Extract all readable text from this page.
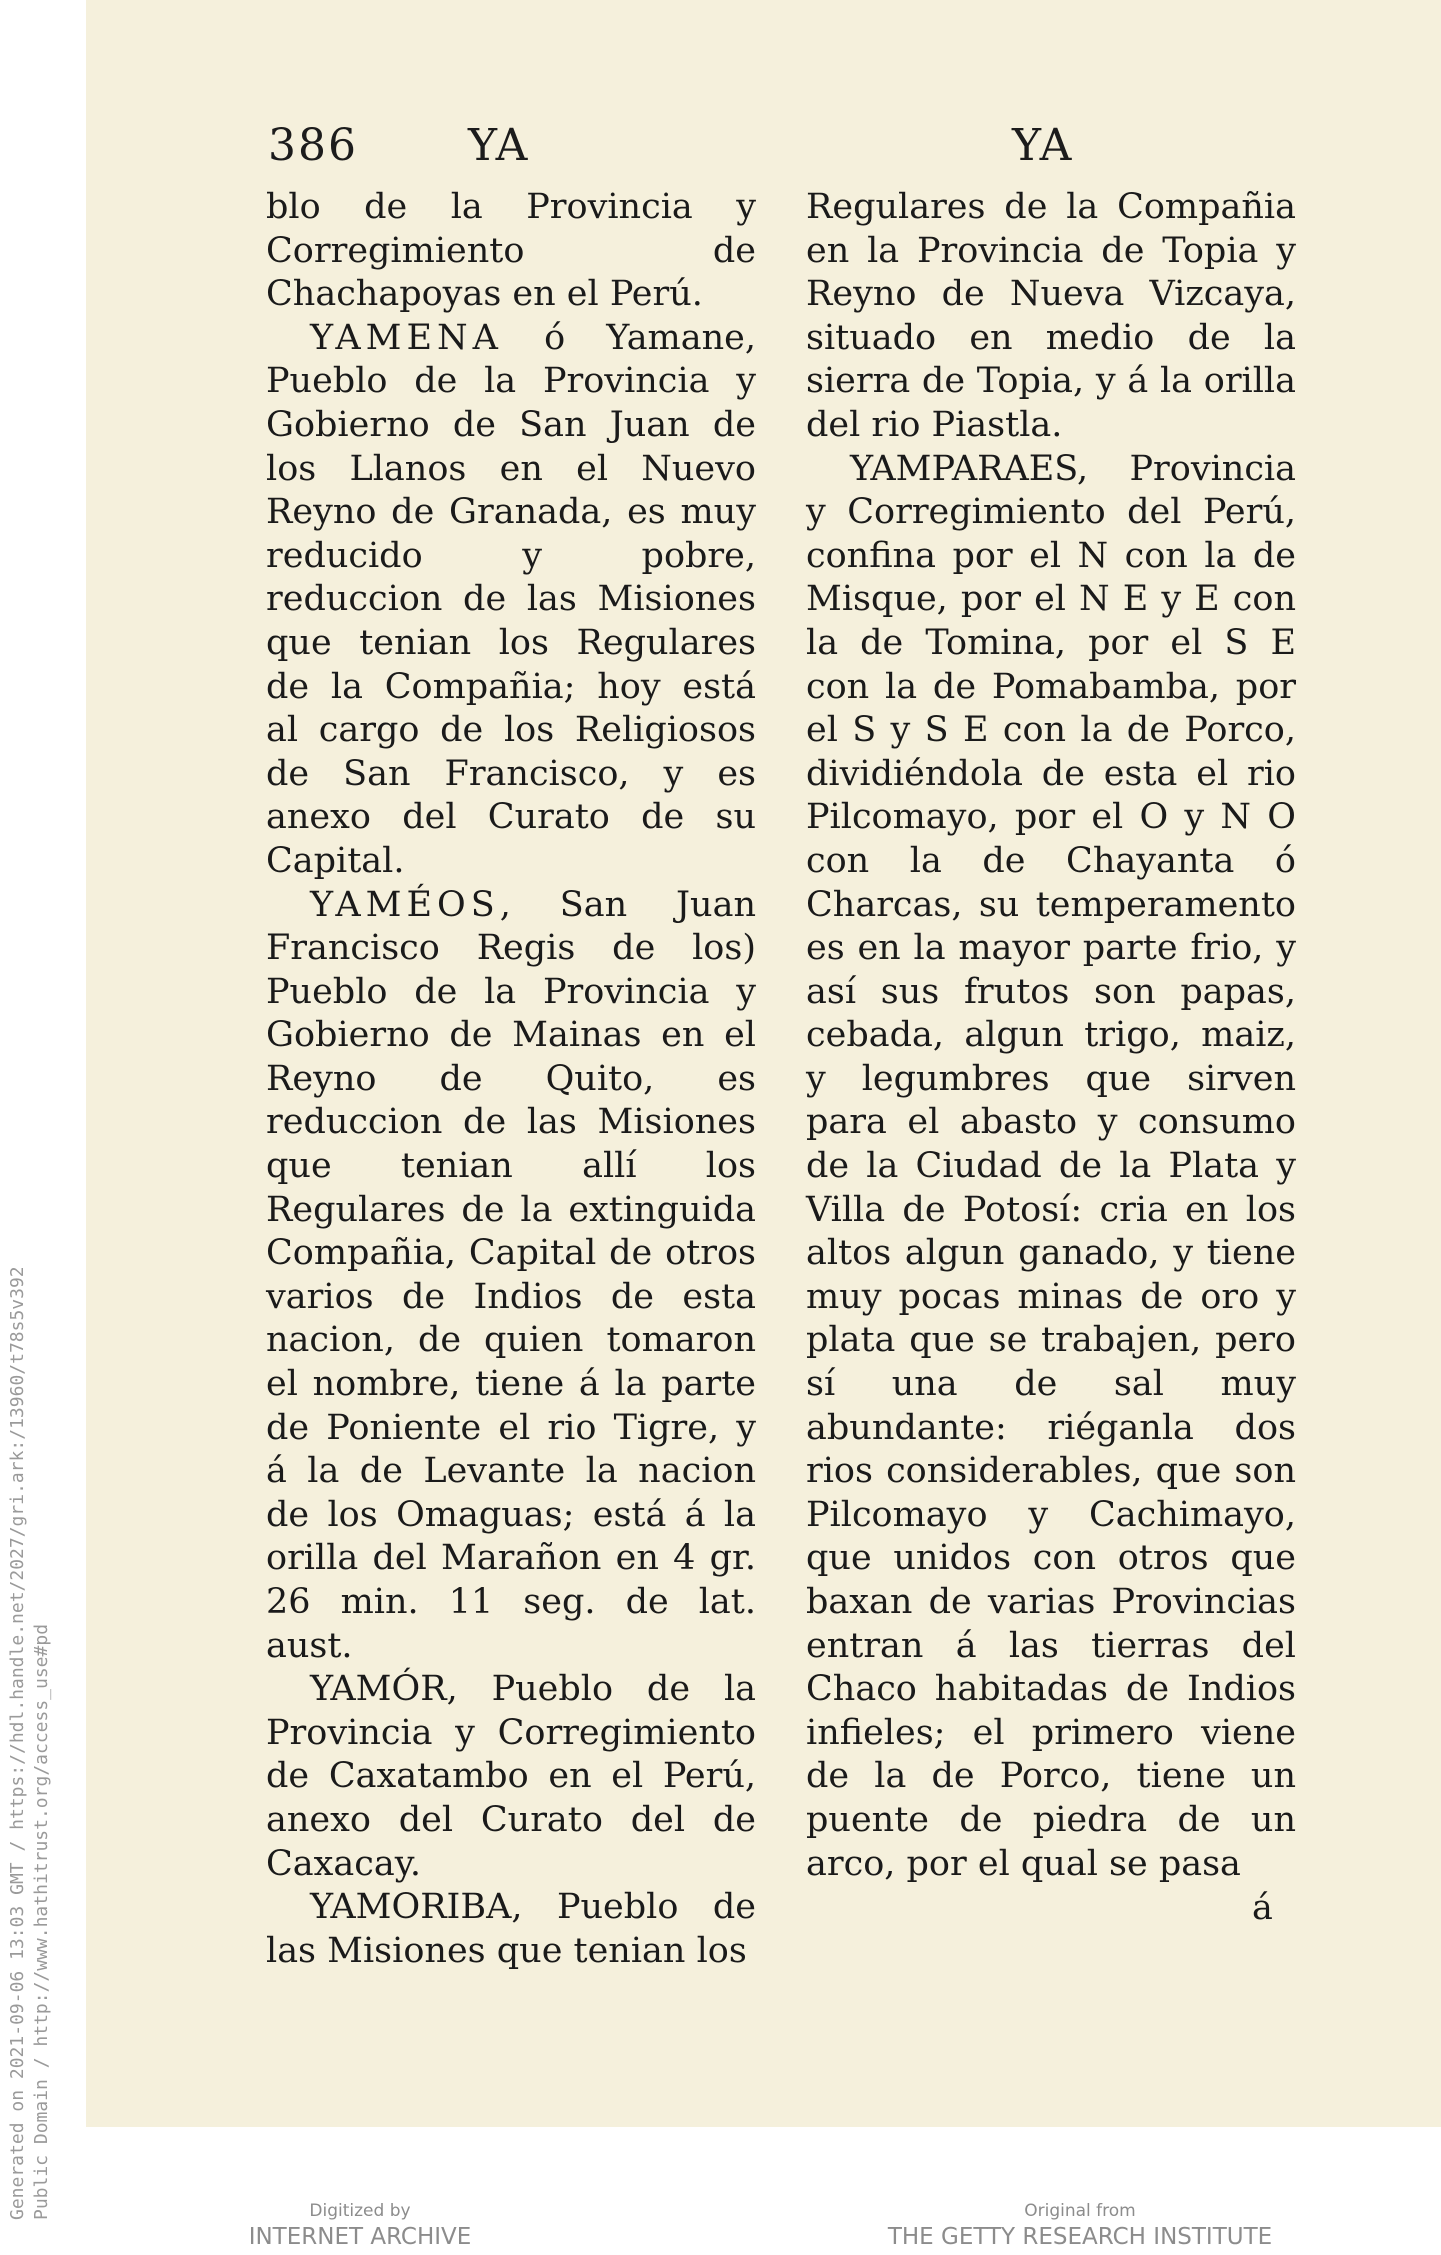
Generated on 2021-09-06 13:03 GMT / https://hdl.handle.net/2027/gri.ark:/13960/t78s5v392 Public Domain / http://www.hathitrust.org/access_use#pd
386	YA	YA

blo de la Provincia y Corregimiento de Chachapoyas en el Perú.

YAMENA ó Yamane, Pueblo de la Provincia y Gobierno de San Juan de los Llanos en el Nuevo Reyno de Granada, es muy reducido y pobre, reduccion de las Misiones que tenian los Regulares de la Compañia; hoy está al cargo de los Religiosos de San Francisco, y es anexo del Curato de su Capital.

YAMÉOS, San Juan Francisco Regis de los) Pueblo de la Provincia y Gobierno de Mainas en el Reyno de Quito, es reduccion de las Misiones que tenian allí los Regulares de la extinguida Compañia, Capital de otros varios de Indios de esta nacion, de quien tomaron el nombre, tiene á la parte de Poniente el rio Tigre, y á la de Levante la nacion de los Omaguas; está á la orilla del Marañon en 4 gr. 26 min. 11 seg. de lat. aust.

YAMÓR, Pueblo de la Provincia y Corregimiento de Caxatambo en el Perú, anexo del Curato del de Caxacay.

YAMORIBA, Pueblo de las Misiones que tenian los

Regulares de la Compañia en la Provincia de Topia y Reyno de Nueva Vizcaya, situado en medio de la sierra de Topia, y á la orilla del rio Piastla.

YAMPARAES, Provincia y Corregimiento del Perú, confina por el N con la de Misque, por el N E y E con la de Tomina, por el S E con la de Pomabamba, por el S y S E con la de Porco, dividiéndola de esta el rio Pilcomayo, por el O y N O con la de Chayanta ó Charcas, su temperamento es en la mayor parte frio, y así sus frutos son papas, cebada, algun trigo, maiz, y legumbres que sirven para el abasto y consumo de la Ciudad de la Plata y Villa de Potosí: cria en los altos algun ganado, y tiene muy pocas minas de oro y plata que se trabajen, pero sí una de sal muy abundante: riéganla dos rios considerables, que son Pilcomayo y Cachimayo, que unidos con otros que baxan de varias Provincias entran á las tierras del Chaco habitadas de Indios infieles; el primero viene de la de Porco, tiene un puente de piedra de un arco, por el qual se pasa

á
Digitized by
INTERNET ARCHIVE
Original from
THE GETTY RESEARCH INSTITUTE
